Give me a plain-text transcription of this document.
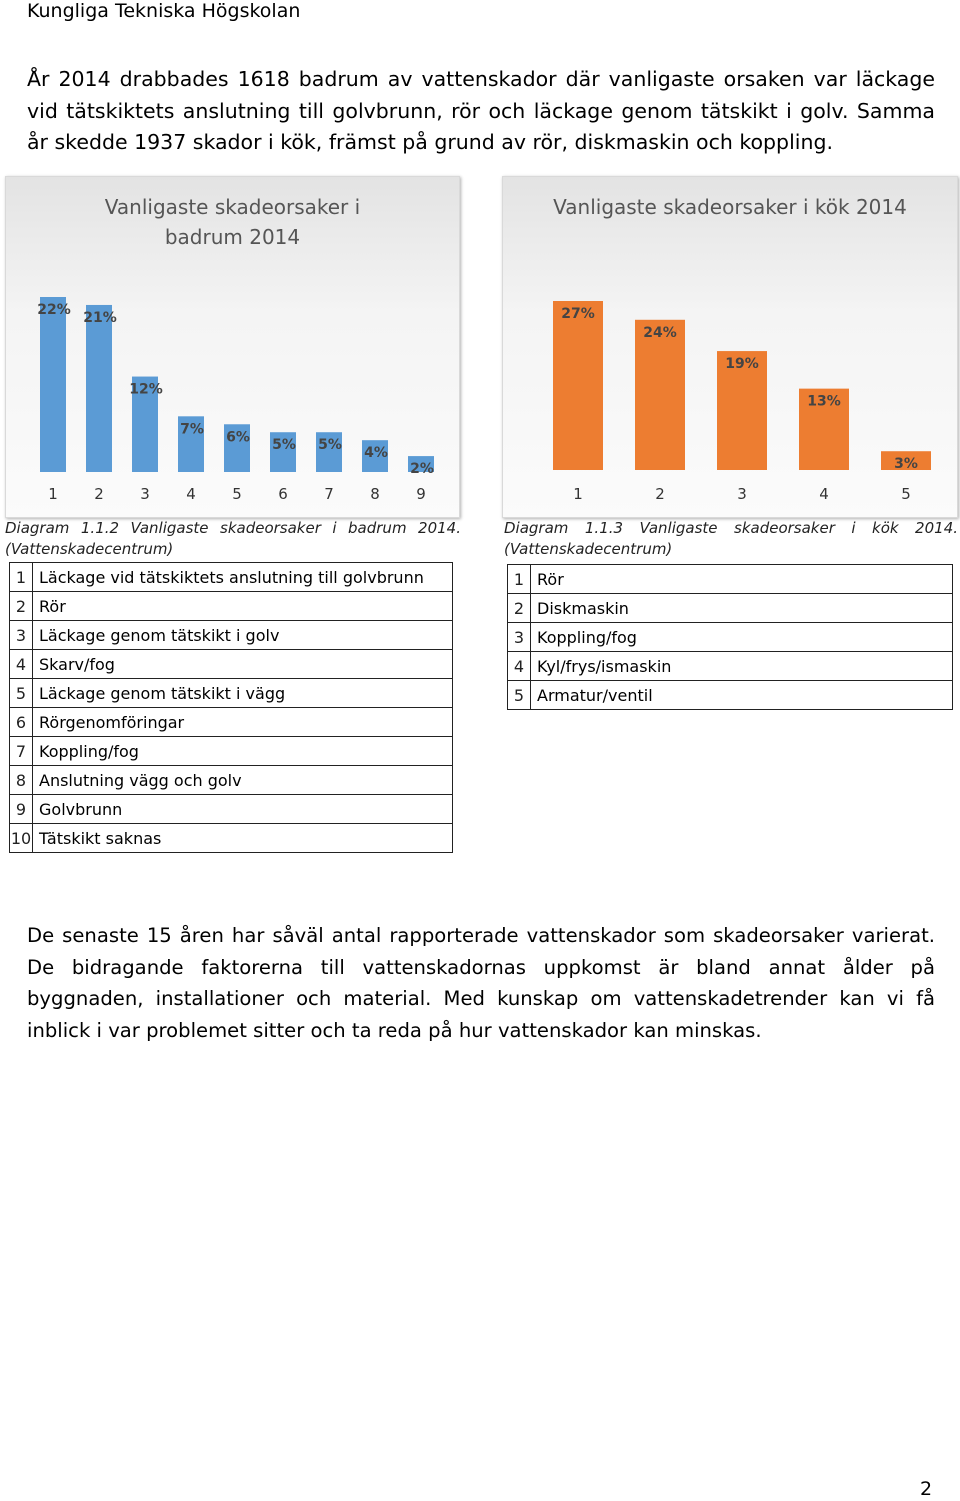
Kungliga Tekniska Högskolan
År 2014 drabbades 1618 badrum av vattenskador där vanligaste orsaken var läckage vid tätskiktets anslutning till golvbrunn, rör och läckage genom tätskikt i golv. Samma år skedde 1937 skador i kök, främst på grund av rör, diskmaskin och koppling.
Vanligaste skadeorsaker i badrum 2014
22%
1
21%
2
12%
3
7%
4
6%
5
5%
6
5%
7
4%
8
2%
9
Vanligaste skadeorsaker i kök 2014
27%
1
24%
2
19%
3
13%
4
3%
5
Diagram 1.1.2 Vanligaste skadeorsaker i badrum 2014.(Vattenskadecentrum)
Diagram 1.1.3 Vanligaste skadeorsaker i kök 2014. (Vattenskadecentrum)
1	Läckage vid tätskiktets anslutning till golvbrunn
2	Rör
3	Läckage genom tätskikt i golv
4	Skarv/fog
5	Läckage genom tätskikt i vägg
6	Rörgenomföringar
7	Koppling/fog
8	Anslutning vägg och golv
9	Golvbrunn
10	Tätskikt saknas
1	Rör
2	Diskmaskin
3	Koppling/fog
4	Kyl/frys/ismaskin
5	Armatur/ventil
De senaste 15 åren har såväl antal rapporterade vattenskador som skadeorsaker varierat. De bidragande faktorerna till vattenskadornas uppkomst är bland annat ålder på byggnaden, installationer och material. Med kunskap om vattenskadetrender kan vi få inblick i var problemet sitter och ta reda på hur vattenskador kan minskas.
2
